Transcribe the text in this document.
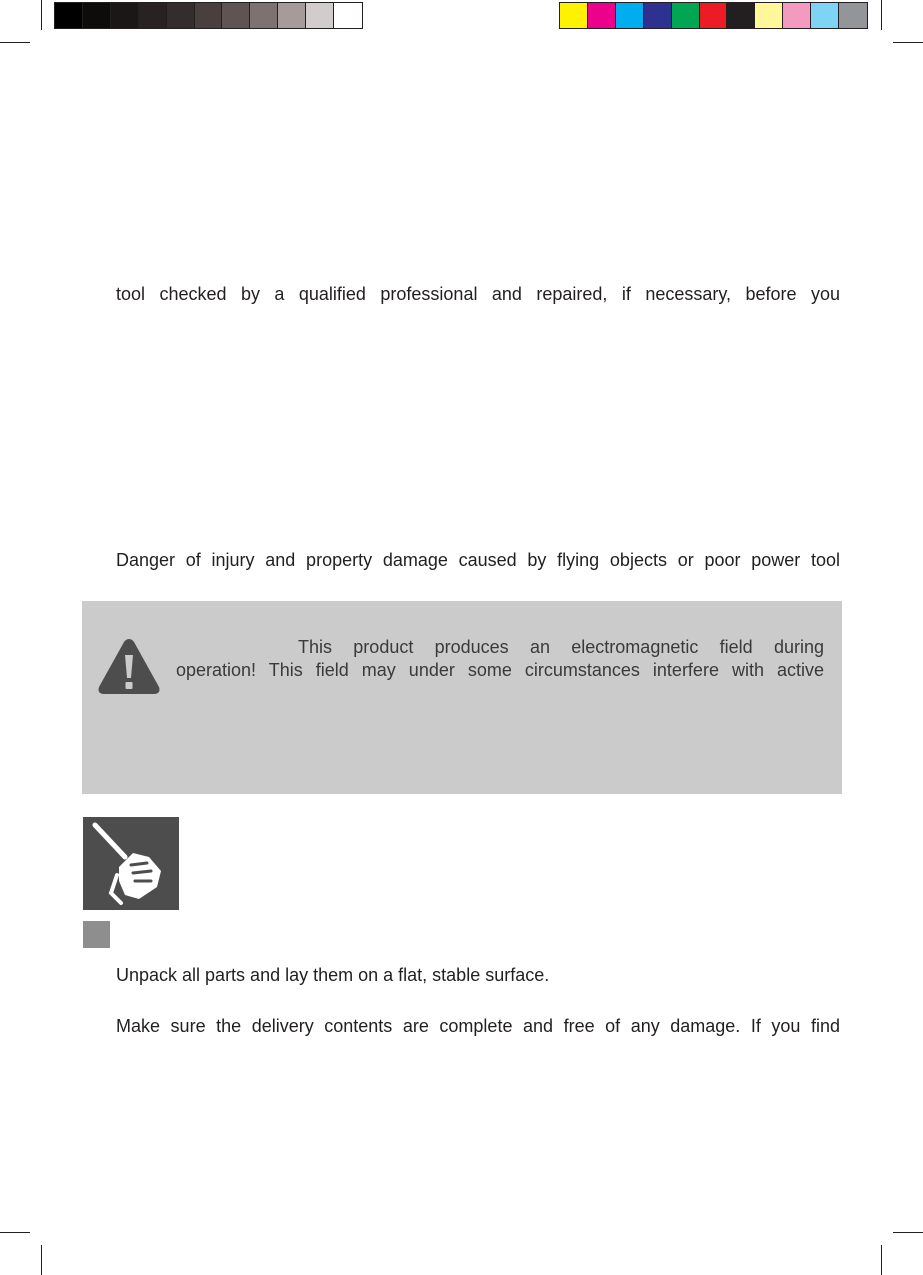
tool checked by a qualified professional and repaired, if necessary, before you
Danger of injury and property damage caused by flying objects or poor power tool
This product produces an electromagnetic field during
operation! This field may under some circumstances interfere with active
Unpack all parts and lay them on a flat, stable surface.
Make sure the delivery contents are complete and free of any damage. If you find
